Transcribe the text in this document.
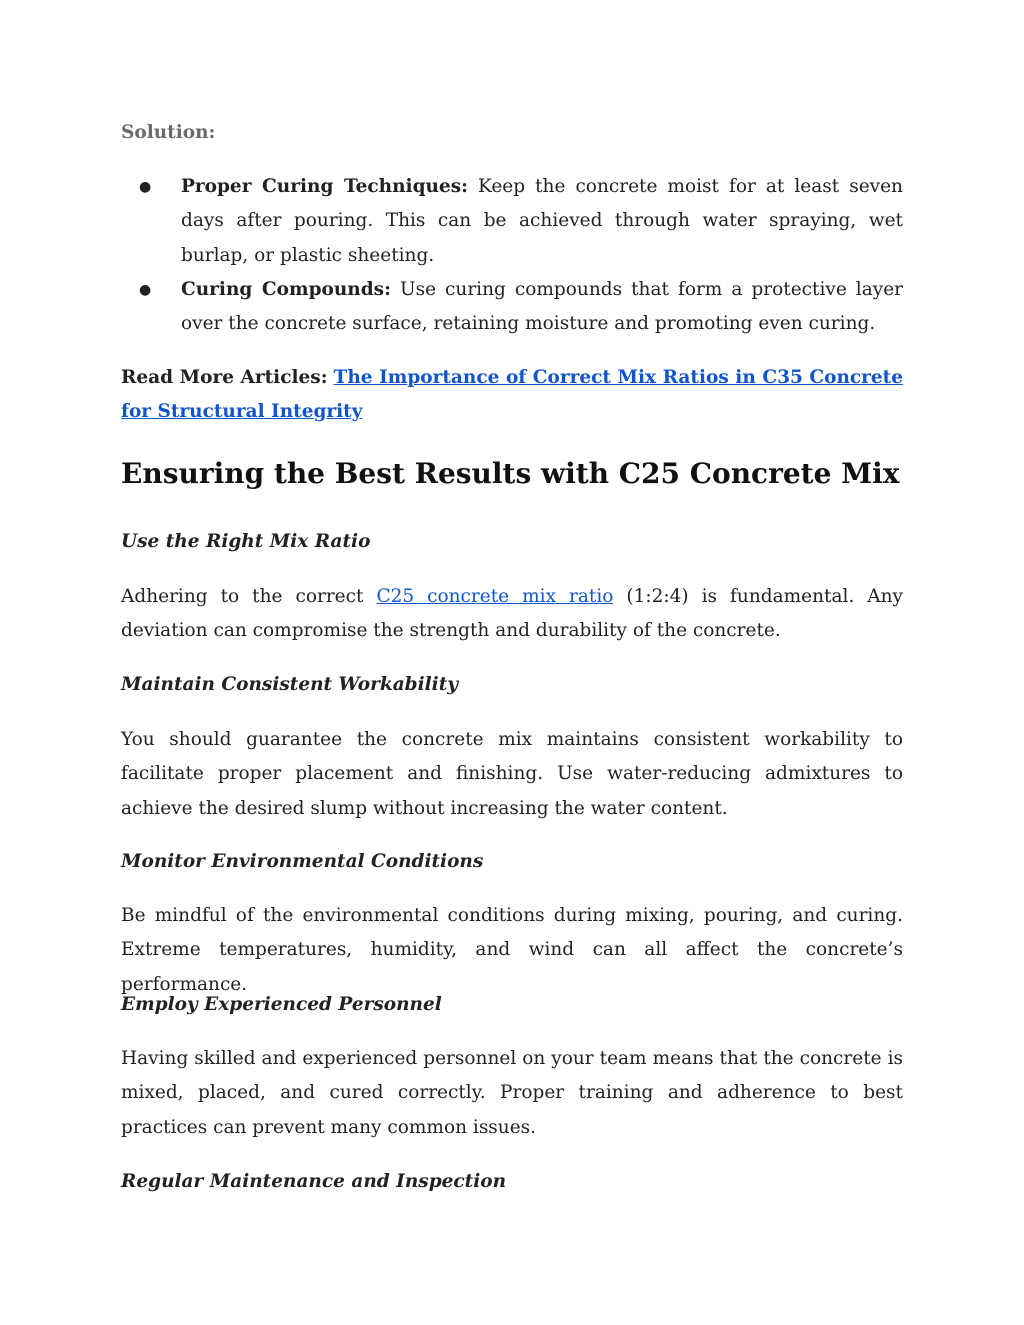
Solution:
● Proper Curing Techniques: Keep the concrete moist for at least seven days after pouring. This can be achieved through water spraying, wet burlap, or plastic sheeting.
● Curing Compounds: Use curing compounds that form a protective layer over the concrete surface, retaining moisture and promoting even curing.
Read More Articles: The Importance of Correct Mix Ratios in C35 Concrete for Structural Integrity
Ensuring the Best Results with C25 Concrete Mix
Use the Right Mix Ratio

Adhering to the correct C25 concrete mix ratio (1:2:4) is fundamental. Any deviation can compromise the strength and durability of the concrete.

Maintain Consistent Workability

You should guarantee the concrete mix maintains consistent workability to facilitate proper placement and finishing. Use water-reducing admixtures to achieve the desired slump without increasing the water content.

Monitor Environmental Conditions

Be mindful of the environmental conditions during mixing, pouring, and curing. Extreme temperatures, humidity, and wind can all affect the concrete’s performance.

Employ Experienced Personnel

Having skilled and experienced personnel on your team means that the concrete is mixed, placed, and cured correctly. Proper training and adherence to best practices can prevent many common issues.

Regular Maintenance and Inspection
